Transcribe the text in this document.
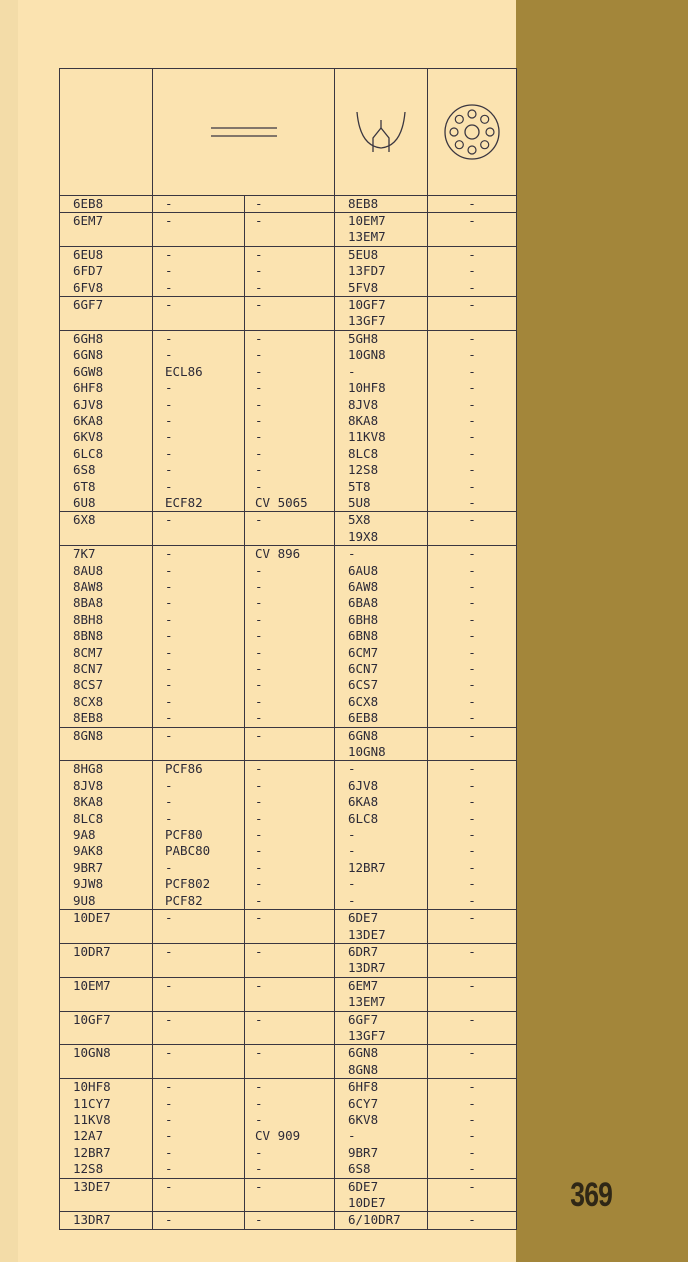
6EB8	-	-	8EB8	-
6EM7	-	-	10EM7	-
			13EM7	
6EU8	-	-	5EU8	-
6FD7	-	-	13FD7	-
6FV8	-	-	5FV8	-
6GF7	-	-	10GF7	-
			13GF7	
6GH8	-	-	5GH8	-
6GN8	-	-	10GN8	-
6GW8	ECL86	-	-	-
6HF8	-	-	10HF8	-
6JV8	-	-	8JV8	-
6KA8	-	-	8KA8	-
6KV8	-	-	11KV8	-
6LC8	-	-	8LC8	-
6S8	-	-	12S8	-
6T8	-	-	5T8	-
6U8	ECF82	CV 5065	5U8	-
6X8	-	-	5X8	-
			19X8	
7K7	-	CV 896	-	-
8AU8	-	-	6AU8	-
8AW8	-	-	6AW8	-
8BA8	-	-	6BA8	-
8BH8	-	-	6BH8	-
8BN8	-	-	6BN8	-
8CM7	-	-	6CM7	-
8CN7	-	-	6CN7	-
8CS7	-	-	6CS7	-
8CX8	-	-	6CX8	-
8EB8	-	-	6EB8	-
8GN8	-	-	6GN8	-
			10GN8	
8HG8	PCF86	-	-	-
8JV8	-	-	6JV8	-
8KA8	-	-	6KA8	-
8LC8	-	-	6LC8	-
9A8	PCF80	-	-	-
9AK8	PABC80	-	-	-
9BR7	-	-	12BR7	-
9JW8	PCF802	-	-	-
9U8	PCF82	-	-	-
10DE7	-	-	6DE7	-
			13DE7	
10DR7	-	-	6DR7	-
			13DR7	
10EM7	-	-	6EM7	-
			13EM7	
10GF7	-	-	6GF7	-
			13GF7	
10GN8	-	-	6GN8	-
			8GN8	
10HF8	-	-	6HF8	-
11CY7	-	-	6CY7	-
11KV8	-	-	6KV8	-
12A7	-	CV 909	-	-
12BR7	-	-	9BR7	-
12S8	-	-	6S8	-
13DE7	-	-	6DE7	-
			10DE7	
13DR7	-	-	6/10DR7	-
369
